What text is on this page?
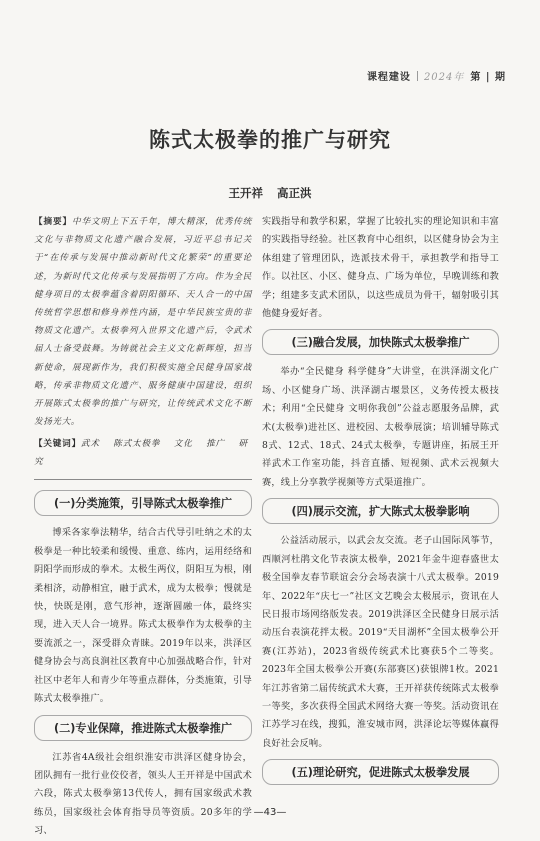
课程建设 2024年 第 | 期
陈式太极拳的推广与研究
王开祥 高正洪
【摘要】中华文明上下五千年，博大精深，优秀传统文化与非物质文化遗产融合发展，习近平总书记关于“在传承与发展中推动新时代文化繁荣”的重要论述，为新时代文化传承与发展指明了方向。作为全民健身项目的太极拳蕴含着阴阳循环、天人合一的中国传统哲学思想和修身养性内涵，是中华民族宝贵的非物质文化遗产。太极拳列入世界文化遗产后，令武术届人士备受鼓舞。为铸就社会主义文化新辉煌，担当新使命，展现新作为，我们积极实施全民健身国家战略，传承非物质文化遗产、服务健康中国建设，组织开展陈式太极拳的推广与研究，让传统武术文化不断发扬光大。
【关键词】武术 陈式太极拳 文化 推广 研究
(一)分类施策，引导陈式太极拳推广

博采各家拳法精华，结合古代导引吐纳之术的太极拳是一种比较柔和缓慢、重意、练内，运用经络和阴阳学而形成的拳术。太极生两仪，阴阳互为根，刚柔相济，动静相宜，融于武术，成为太极拳；慢就是快，快既是刚，意气形神，逐渐圆融一体，最终实现，进入天人合一境界。陈式太极拳作为太极拳的主要流派之一，深受群众青睐。2019年以来，洪泽区健身协会与高良涧社区教育中心加强战略合作，针对社区中老年人和青少年等重点群体，分类施策，引导陈式太极拳推广。

(二)专业保障，推进陈式太极拳推广

江苏省4A级社会组织淮安市洪泽区健身协会，团队拥有一批行业佼佼者，领头人王开祥是中国武术六段，陈式太极拳第13代传人，拥有国家级武术教练员，国家级社会体育指导员等资质。20多年的学习、

实践指导和教学积累，掌握了比较扎实的理论知识和丰富的实践指导经验。社区教育中心组织，以区健身协会为主体组建了管理团队，选派技术骨干，承担教学和指导工作。以社区、小区、健身点、广场为单位，早晚训练和教学；组建多支武术团队，以这些成员为骨干，辐射吸引其他健身爱好者。

(三)融合发展，加快陈式太极拳推广

举办“全民健身 科学健身”大讲堂，在洪泽湖文化广场、小区健身广场、洪泽湖古堰景区，义务传授太极技术；利用“全民健身 文明你我创”公益志愿服务品牌，武术(太极拳)进社区、进校园、太极拳展演；培训辅导陈式8式、12式、18式、24式太极拳，专题讲座，拓展王开祥武术工作室功能，抖音直播、短视频、武术云视频大赛，线上分享教学视频等方式渠道推广。

(四)展示交流，扩大陈式太极拳影响

公益活动展示，以武会友交流。老子山国际风筝节，西顺河杜鹃文化节表演太极拳，2021年金牛迎春盛世太极全国拳友春节联谊会分会场表演十八式太极拳。2019年、2022年“庆七一”社区文艺晚会太极展示，资讯在人民日报市场网络版发表。2019洪泽区全民健身日展示活动压台表演花拌太极。2019“天目湖杯”全国太极拳公开赛(江苏站)，2023省级传统武术比赛获5个二等奖。2023年全国太极拳公开赛(东部赛区)获银牌1枚。2021年江苏省第二届传统武术大赛，王开祥获传统陈式太极拳一等奖，多次获得全国武术网络大赛一等奖。活动资讯在江苏学习在线，搜狐，淮安城市网，洪泽论坛等媒体赢得良好社会反响。

(五)理论研究，促进陈式太极拳发展
—43—
